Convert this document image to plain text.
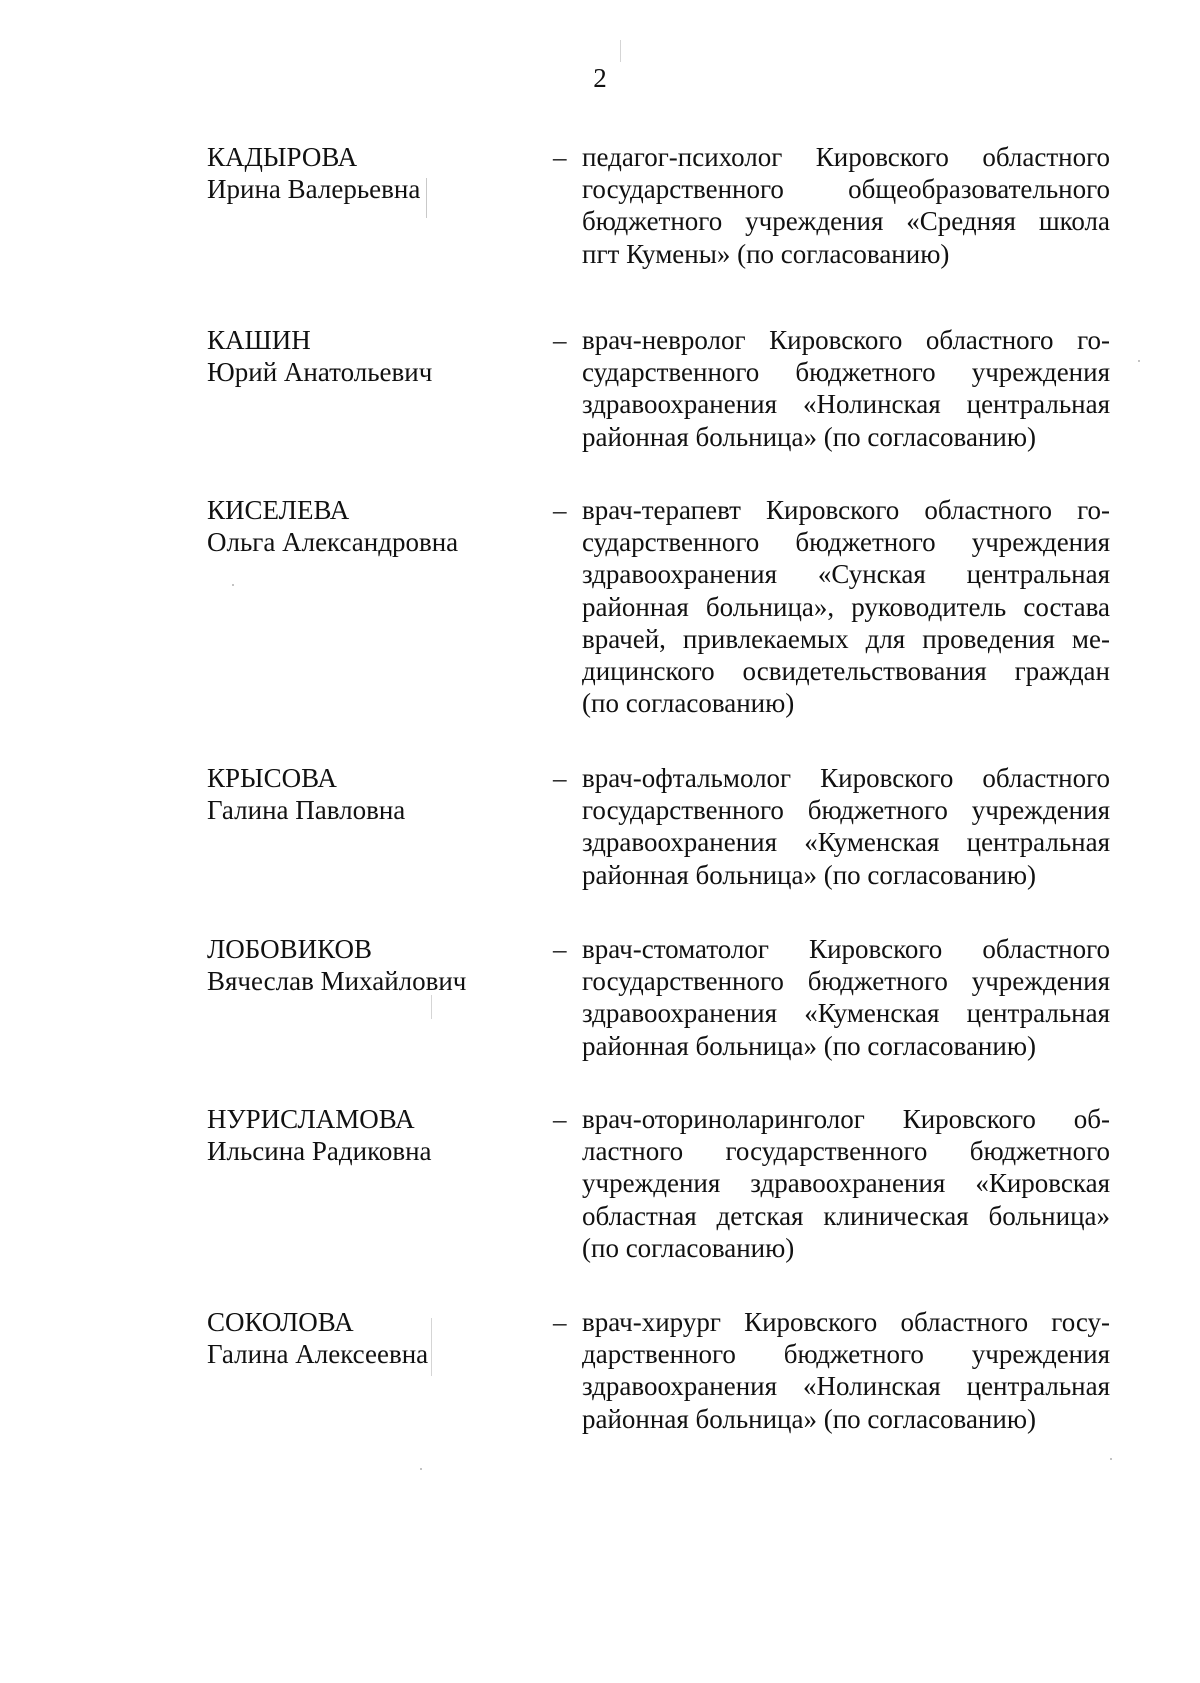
2
КАДЫРОВА
Ирина Валерьевна
– педагог-психолог Кировского областного
государственного общеобразовательного
бюджетного учреждения «Средняя школа
пгт Кумены» (по согласованию)
КАШИН
Юрий Анатольевич
– врач-невролог Кировского областного го-
сударственного бюджетного учреждения
здравоохранения «Нолинская центральная
районная больница» (по согласованию)
КИСЕЛЕВА
Ольга Александровна
– врач-терапевт Кировского областного го-
сударственного бюджетного учреждения
здравоохранения «Сунская центральная
районная больница», руководитель состава
врачей, привлекаемых для проведения ме-
дицинского освидетельствования граждан
(по согласованию)
КРЫСОВА
Галина Павловна
– врач-офтальмолог Кировского областного
государственного бюджетного учреждения
здравоохранения «Куменская центральная
районная больница» (по согласованию)
ЛОБОВИКОВ
Вячеслав Михайлович
– врач-стоматолог Кировского областного
государственного бюджетного учреждения
здравоохранения «Куменская центральная
районная больница» (по согласованию)
НУРИСЛАМОВА
Ильсина Радиковна
– врач-оториноларинголог Кировского об-
ластного государственного бюджетного
учреждения здравоохранения «Кировская
областная детская клиническая больница»
(по согласованию)
СОКОЛОВА
Галина Алексеевна
– врач-хирург Кировского областного госу-
дарственного бюджетного учреждения
здравоохранения «Нолинская центральная
районная больница» (по согласованию)
